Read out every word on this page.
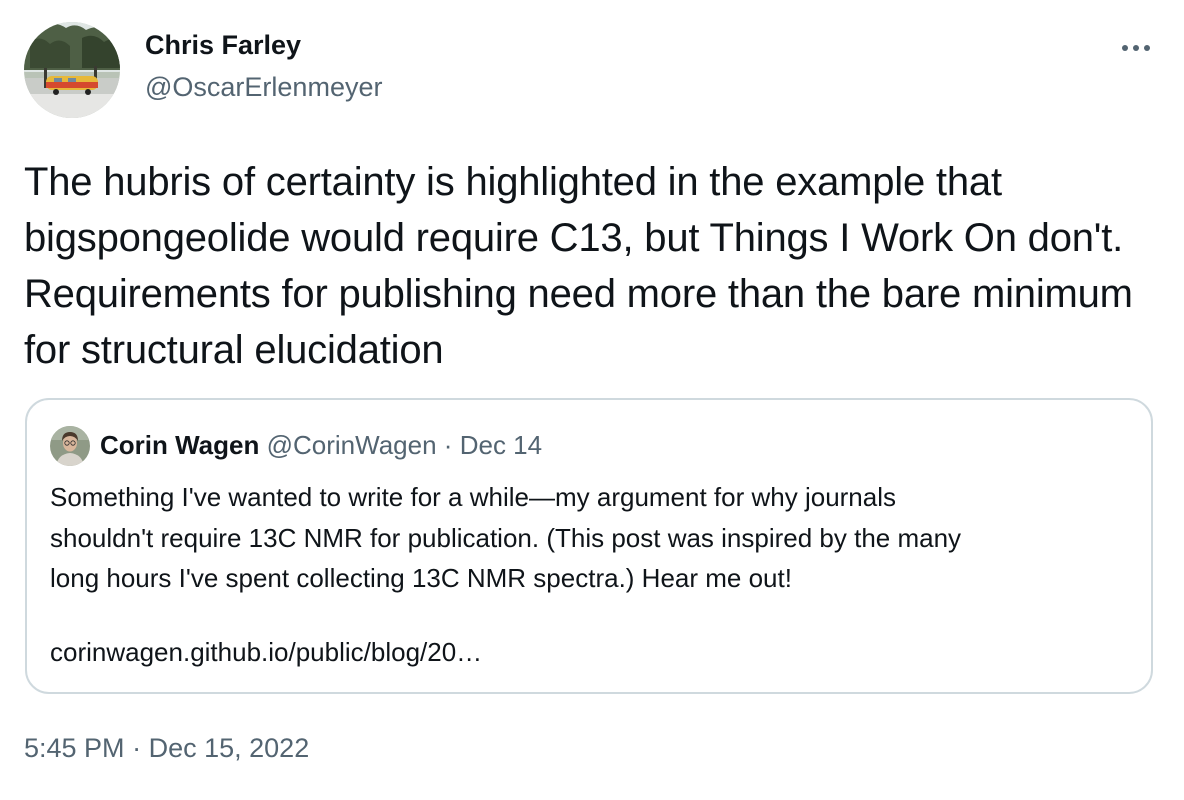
Chris Farley
@OscarErlenmeyer

The hubris of certainty is highlighted in the example that bigspongeolide would require C13, but Things I Work On don't. Requirements for publishing need more than the bare minimum for structural elucidation

Corin Wagen @CorinWagen · Dec 14

Something I've wanted to write for a while—my argument for why journals
shouldn't require 13C NMR for publication. (This post was inspired by the many
long hours I've spent collecting 13C NMR spectra.) Hear me out!

corinwagen.github.io/public/blog/20…
5:45 PM · Dec 15, 2022
